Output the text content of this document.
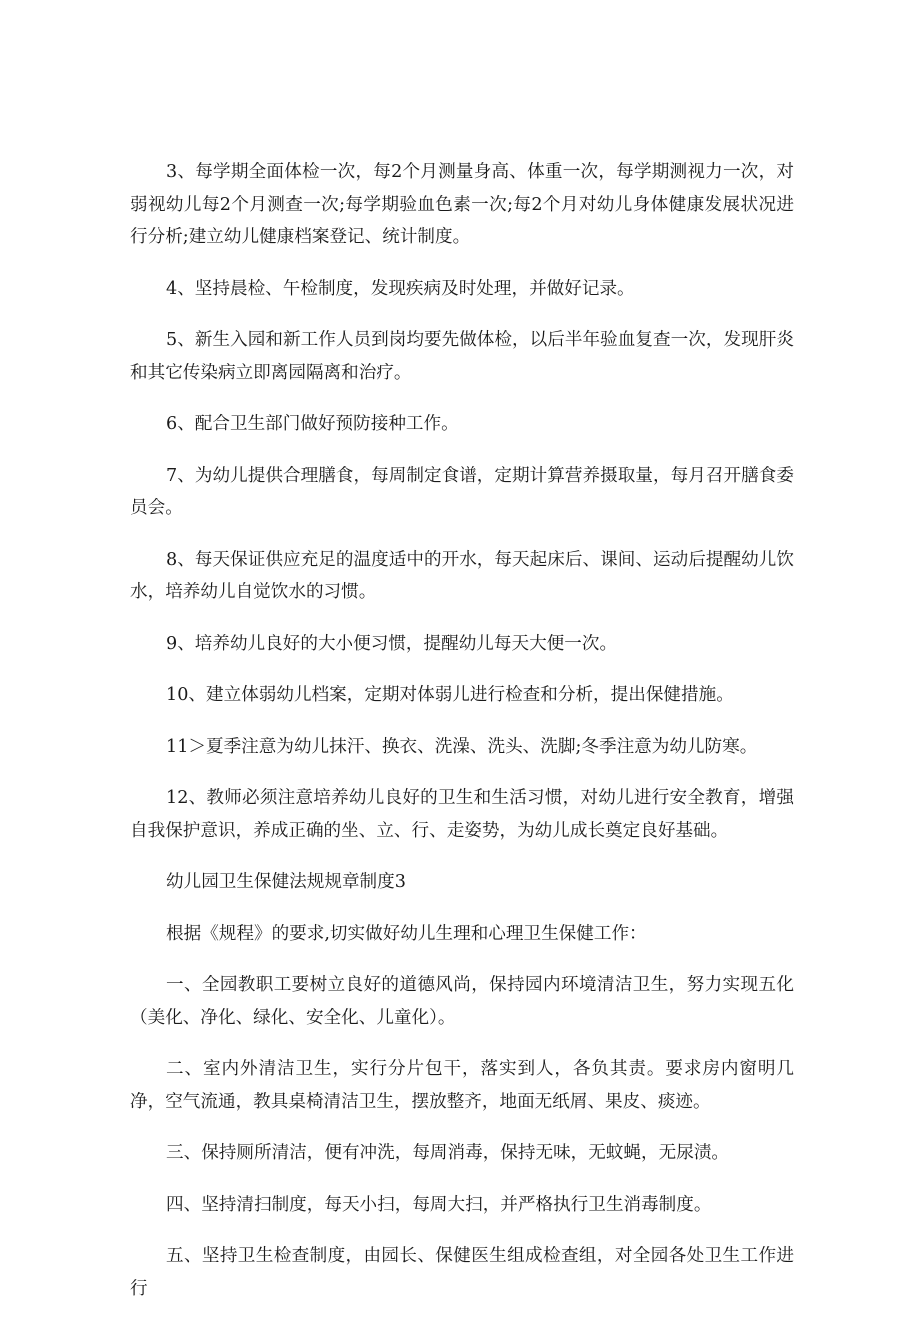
3、每学期全面体检一次，每2个月测量身高、体重一次，每学期测视力一次，对弱视幼儿每2个月测查一次;每学期验血色素一次;每2个月对幼儿身体健康发展状况进行分析;建立幼儿健康档案登记、统计制度。

4、坚持晨检、午检制度，发现疾病及时处理，并做好记录。

5、新生入园和新工作人员到岗均要先做体检，以后半年验血复查一次，发现肝炎和其它传染病立即离园隔离和治疗。

6、配合卫生部门做好预防接种工作。

7、为幼儿提供合理膳食，每周制定食谱，定期计算营养摄取量，每月召开膳食委员会。

8、每天保证供应充足的温度适中的开水，每天起床后、课间、运动后提醒幼儿饮水，培养幼儿自觉饮水的习惯。

9、培养幼儿良好的大小便习惯，提醒幼儿每天大便一次。

10、建立体弱幼儿档案，定期对体弱儿进行检查和分析，提出保健措施。

11＞夏季注意为幼儿抹汗、换衣、洗澡、洗头、洗脚;冬季注意为幼儿防寒。

12、教师必须注意培养幼儿良好的卫生和生活习惯，对幼儿进行安全教育，增强自我保护意识，养成正确的坐、立、行、走姿势，为幼儿成长奠定良好基础。

幼儿园卫生保健法规规章制度3

根据《规程》的要求,切实做好幼儿生理和心理卫生保健工作：

一、全园教职工要树立良好的道德风尚，保持园内环境清洁卫生，努力实现五化（美化、净化、绿化、安全化、儿童化）。

二、室内外清洁卫生，实行分片包干，落实到人，各负其责。要求房内窗明几净，空气流通，教具桌椅清洁卫生，摆放整齐，地面无纸屑、果皮、痰迹。

三、保持厕所清洁，便有冲洗，每周消毒，保持无味，无蚊蝇，无尿渍。

四、坚持清扫制度，每天小扫，每周大扫，并严格执行卫生消毒制度。

五、坚持卫生检查制度，由园长、保健医生组成检查组，对全园各处卫生工作进行
